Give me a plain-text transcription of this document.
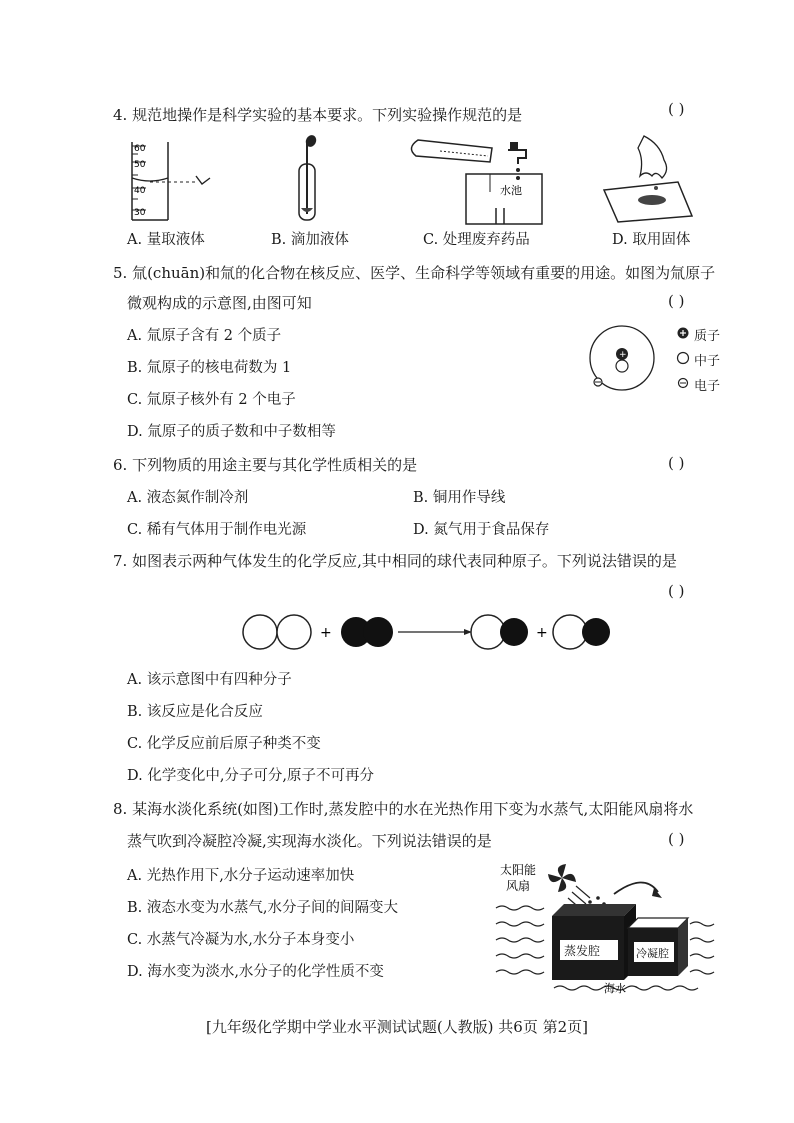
4. 规范地操作是科学实验的基本要求。下列实验操作规范的是	( )
60
50
40
30
水池
A. 量取液体	B. 滴加液体	C. 处理废弃药品	D. 取用固体
5. 氚(chuān)和氚的化合物在核反应、医学、生命科学等领域有重要的用途。如图为氚原子
微观构成的示意图,由图可知	( )
A. 氚原子含有 2 个质子
B. 氚原子的核电荷数为 1
C. 氚原子核外有 2 个电子
D. 氚原子的质子数和中子数相等
+
质子
中子
电子
6. 下列物质的用途主要与其化学性质相关的是	( )
A. 液态氮作制冷剂	B. 铜用作导线
C. 稀有气体用于制作电光源	D. 氮气用于食品保存
7. 如图表示两种气体发生的化学反应,其中相同的球代表同种原子。下列说法错误的是
( )
+	+
A. 该示意图中有四种分子
B. 该反应是化合反应
C. 化学反应前后原子种类不变
D. 化学变化中,分子可分,原子不可再分
8. 某海水淡化系统(如图)工作时,蒸发腔中的水在光热作用下变为水蒸气,太阳能风扇将水
蒸气吹到冷凝腔冷凝,实现海水淡化。下列说法错误的是	( )
A. 光热作用下,水分子运动速率加快
B. 液态水变为水蒸气,水分子间的间隔变大
C. 水蒸气冷凝为水,水分子本身变小
D. 海水变为淡水,水分子的化学性质不变
太阳能
风扇
蒸发腔	冷凝腔
海水
[九年级化学期中学业水平测试试题(人教版) 共6页 第2页]
